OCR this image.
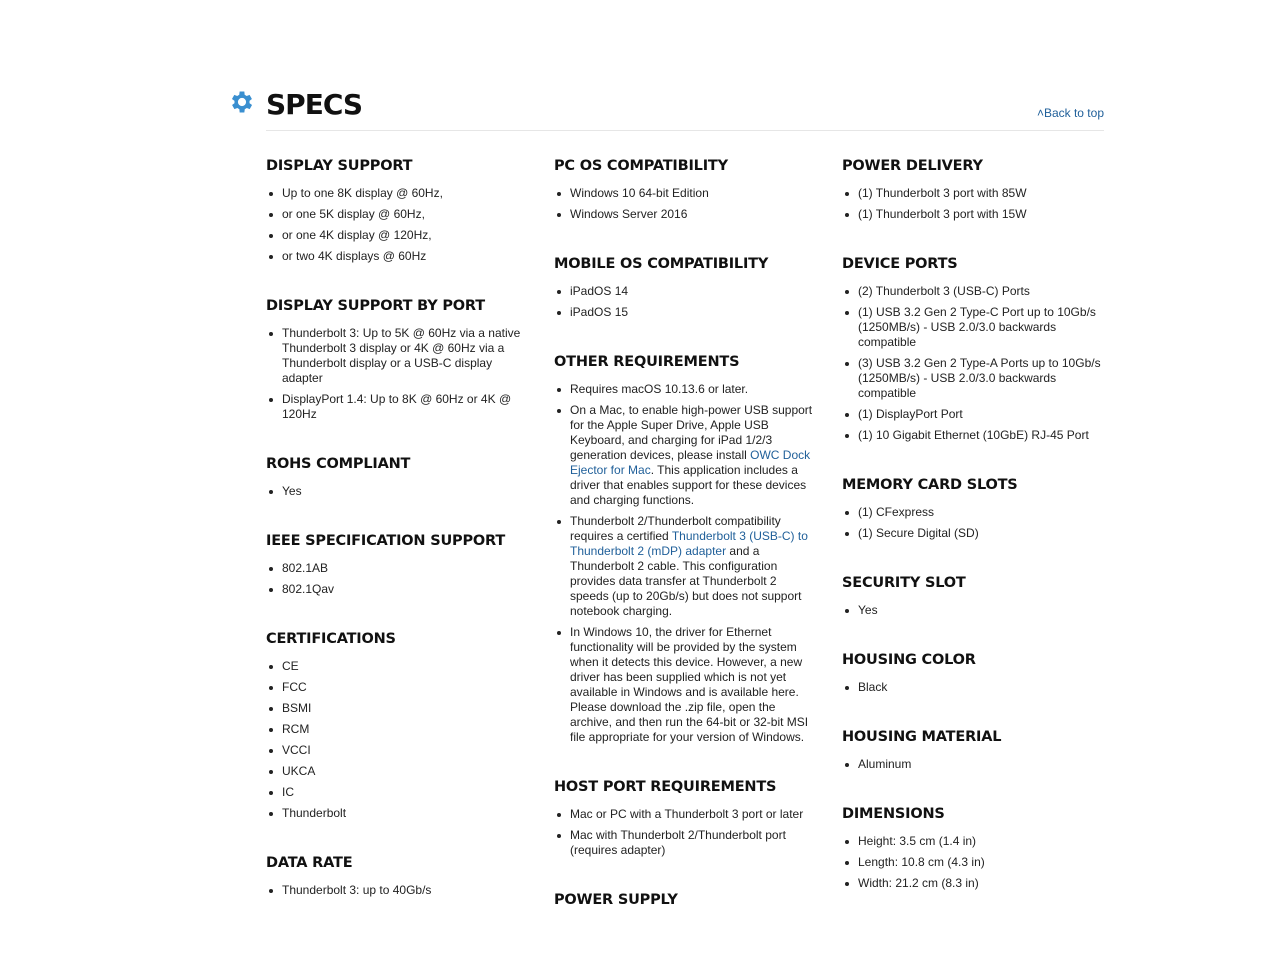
SPECS	˄Back to top
DISPLAY SUPPORT
Up to one 8K display @ 60Hz,
or one 5K display @ 60Hz,
or one 4K display @ 120Hz,
or two 4K displays @ 60Hz
DISPLAY SUPPORT BY PORT
Thunderbolt 3: Up to 5K @ 60Hz via a native Thunderbolt 3 display or 4K @ 60Hz via a Thunderbolt display or a USB-C display adapter
DisplayPort 1.4: Up to 8K @ 60Hz or 4K @ 120Hz
ROHS COMPLIANT
Yes
IEEE SPECIFICATION SUPPORT
802.1AB
802.1Qav
CERTIFICATIONS
CE
FCC
BSMI
RCM
VCCI
UKCA
IC
Thunderbolt
DATA RATE
Thunderbolt 3: up to 40Gb/s
PC OS COMPATIBILITY
Windows 10 64-bit Edition
Windows Server 2016
MOBILE OS COMPATIBILITY
iPadOS 14
iPadOS 15
OTHER REQUIREMENTS
Requires macOS 10.13.6 or later.
On a Mac, to enable high-power USB support for the Apple Super Drive, Apple USB Keyboard, and charging for iPad 1/2/3 generation devices, please install OWC Dock Ejector for Mac. This application includes a driver that enables support for these devices and charging functions.
Thunderbolt 2/Thunderbolt compatibility requires a certified Thunderbolt 3 (USB-C) to Thunderbolt 2 (mDP) adapter and a Thunderbolt 2 cable. This configuration provides data transfer at Thunderbolt 2 speeds (up to 20Gb/s) but does not support notebook charging.
In Windows 10, the driver for Ethernet functionality will be provided by the system when it detects this device. However, a new driver has been supplied which is not yet available in Windows and is available here. Please download the .zip file, open the archive, and then run the 64-bit or 32-bit MSI file appropriate for your version of Windows.
HOST PORT REQUIREMENTS
Mac or PC with a Thunderbolt 3 port or later
Mac with Thunderbolt 2/Thunderbolt port (requires adapter)
POWER SUPPLY
POWER DELIVERY
(1) Thunderbolt 3 port with 85W
(1) Thunderbolt 3 port with 15W
DEVICE PORTS
(2) Thunderbolt 3 (USB-C) Ports
(1) USB 3.2 Gen 2 Type-C Port up to 10Gb/s (1250MB/s) - USB 2.0/3.0 backwards compatible
(3) USB 3.2 Gen 2 Type-A Ports up to 10Gb/s (1250MB/s) - USB 2.0/3.0 backwards compatible
(1) DisplayPort Port
(1) 10 Gigabit Ethernet (10GbE) RJ-45 Port
MEMORY CARD SLOTS
(1) CFexpress
(1) Secure Digital (SD)
SECURITY SLOT
Yes
HOUSING COLOR
Black
HOUSING MATERIAL
Aluminum
DIMENSIONS
Height: 3.5 cm (1.4 in)
Length: 10.8 cm (4.3 in)
Width: 21.2 cm (8.3 in)
